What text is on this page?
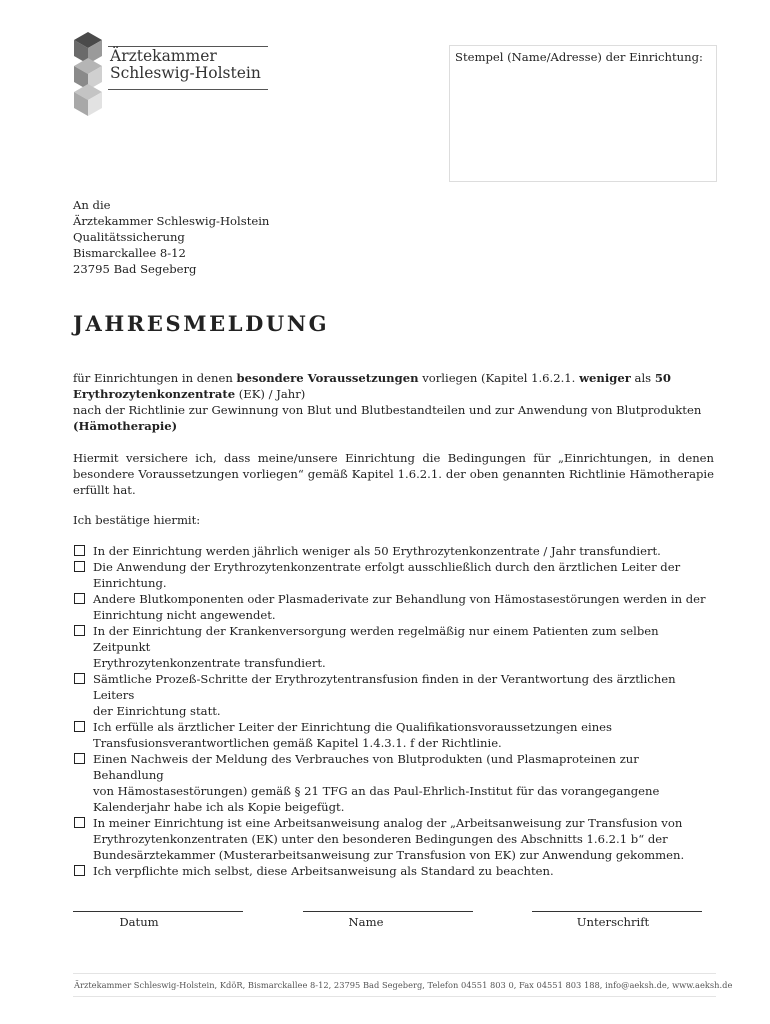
Ärztekammer
Schleswig-Holstein
Stempel (Name/Adresse) der Einrichtung:
An die
Ärztekammer Schleswig-Holstein
Qualitätssicherung
Bismarckallee 8-12
23795 Bad Segeberg
JAHRESMELDUNG
für Einrichtungen in denen besondere Voraussetzungen vorliegen (Kapitel 1.6.2.1. weniger als 50 Erythrozytenkonzentrate (EK) / Jahr)
nach der Richtlinie zur Gewinnung von Blut und Blutbestandteilen und zur Anwendung von Blutprodukten
(Hämotherapie)
Hiermit versichere ich, dass meine/unsere Einrichtung die Bedingungen für „Einrichtungen, in denen besondere Voraussetzungen vorliegen“ gemäß Kapitel 1.6.2.1. der oben genannten Richtlinie Hämotherapie erfüllt hat.
Ich bestätige hiermit:
In der Einrichtung werden jährlich weniger als 50 Erythrozytenkonzentrate / Jahr transfundiert.
Die Anwendung der Erythrozytenkonzentrate erfolgt ausschließlich durch den ärztlichen Leiter der
Einrichtung.
Andere Blutkomponenten oder Plasmaderivate zur Behandlung von Hämostasestörungen werden in der
Einrichtung nicht angewendet.
In der Einrichtung der Krankenversorgung werden regelmäßig nur einem Patienten zum selben Zeitpunkt
Erythrozytenkonzentrate transfundiert.
Sämtliche Prozeß-Schritte der Erythrozytentransfusion finden in der Verantwortung des ärztlichen Leiters
der Einrichtung statt.
Ich erfülle als ärztlicher Leiter der Einrichtung die Qualifikationsvoraussetzungen eines
Transfusionsverantwortlichen gemäß Kapitel 1.4.3.1. f der Richtlinie.
Einen Nachweis der Meldung des Verbrauches von Blutprodukten (und Plasmaproteinen zur Behandlung
von Hämostasestörungen) gemäß § 21 TFG an das Paul-Ehrlich-Institut für das vorangegangene
Kalenderjahr habe ich als Kopie beigefügt.
In meiner Einrichtung ist eine Arbeitsanweisung analog der „Arbeitsanweisung zur Transfusion von
Erythrozytenkonzentraten (EK) unter den besonderen Bedingungen des Abschnitts 1.6.2.1 b“ der
Bundesärztekammer (Musterarbeitsanweisung zur Transfusion von EK) zur Anwendung gekommen.
Ich verpflichte mich selbst, diese Arbeitsanweisung als Standard zu beachten.
Datum	Name	Unterschrift
Ärztekammer Schleswig-Holstein, KdöR, Bismarckallee 8-12, 23795 Bad Segeberg, Telefon 04551 803 0, Fax 04551 803 188, info@aeksh.de, www.aeksh.de
